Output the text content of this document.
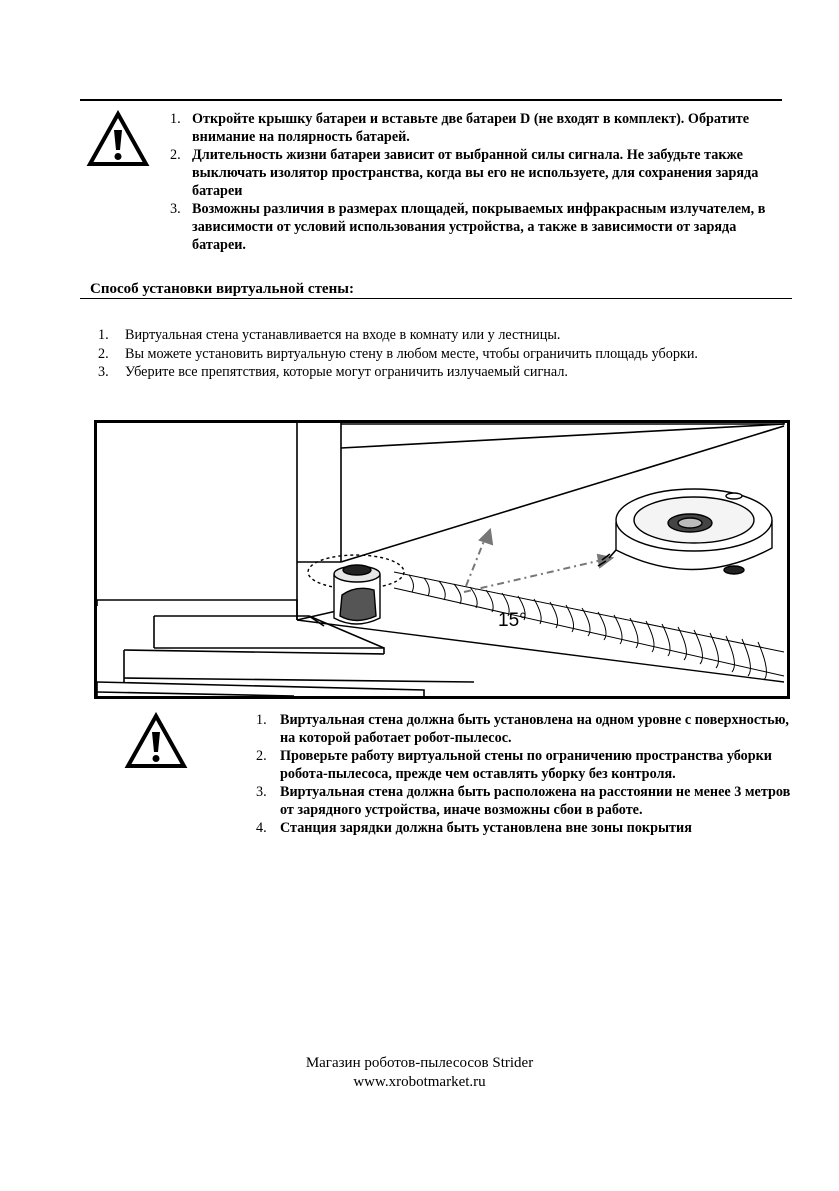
1. Откройте крышку батареи и вставьте две батареи D (не входят в комплект). Обратите внимание на полярность батарей.
2. Длительность жизни батареи зависит от выбранной силы сигнала. Не забудьте также выключать изолятор пространства, когда вы его не используете, для сохранения заряда батареи
3. Возможны различия в размерах площадей, покрываемых инфракрасным излучателем, в зависимости от условий использования устройства, а также в зависимости от заряда батареи.
Способ установки виртуальной стены:
1. Виртуальная стена устанавливается на входе в комнату или у лестницы.
2. Вы можете установить виртуальную стену в любом месте, чтобы ограничить площадь уборки.
3. Уберите все препятствия, которые могут ограничить излучаемый сигнал.
15°
1. Виртуальная стена должна быть установлена на одном уровне с поверхностью, на которой работает робот-пылесос.
2. Проверьте работу виртуальной стены по ограничению пространства уборки робота-пылесоса, прежде чем оставлять уборку без контроля.
3. Виртуальная стена должна быть расположена на расстоянии не менее 3 метров от зарядного устройства, иначе возможны сбои в работе.
4. Станция зарядки должна быть установлена вне зоны покрытия
Магазин роботов-пылесосов Strider
www.xrobotmarket.ru
